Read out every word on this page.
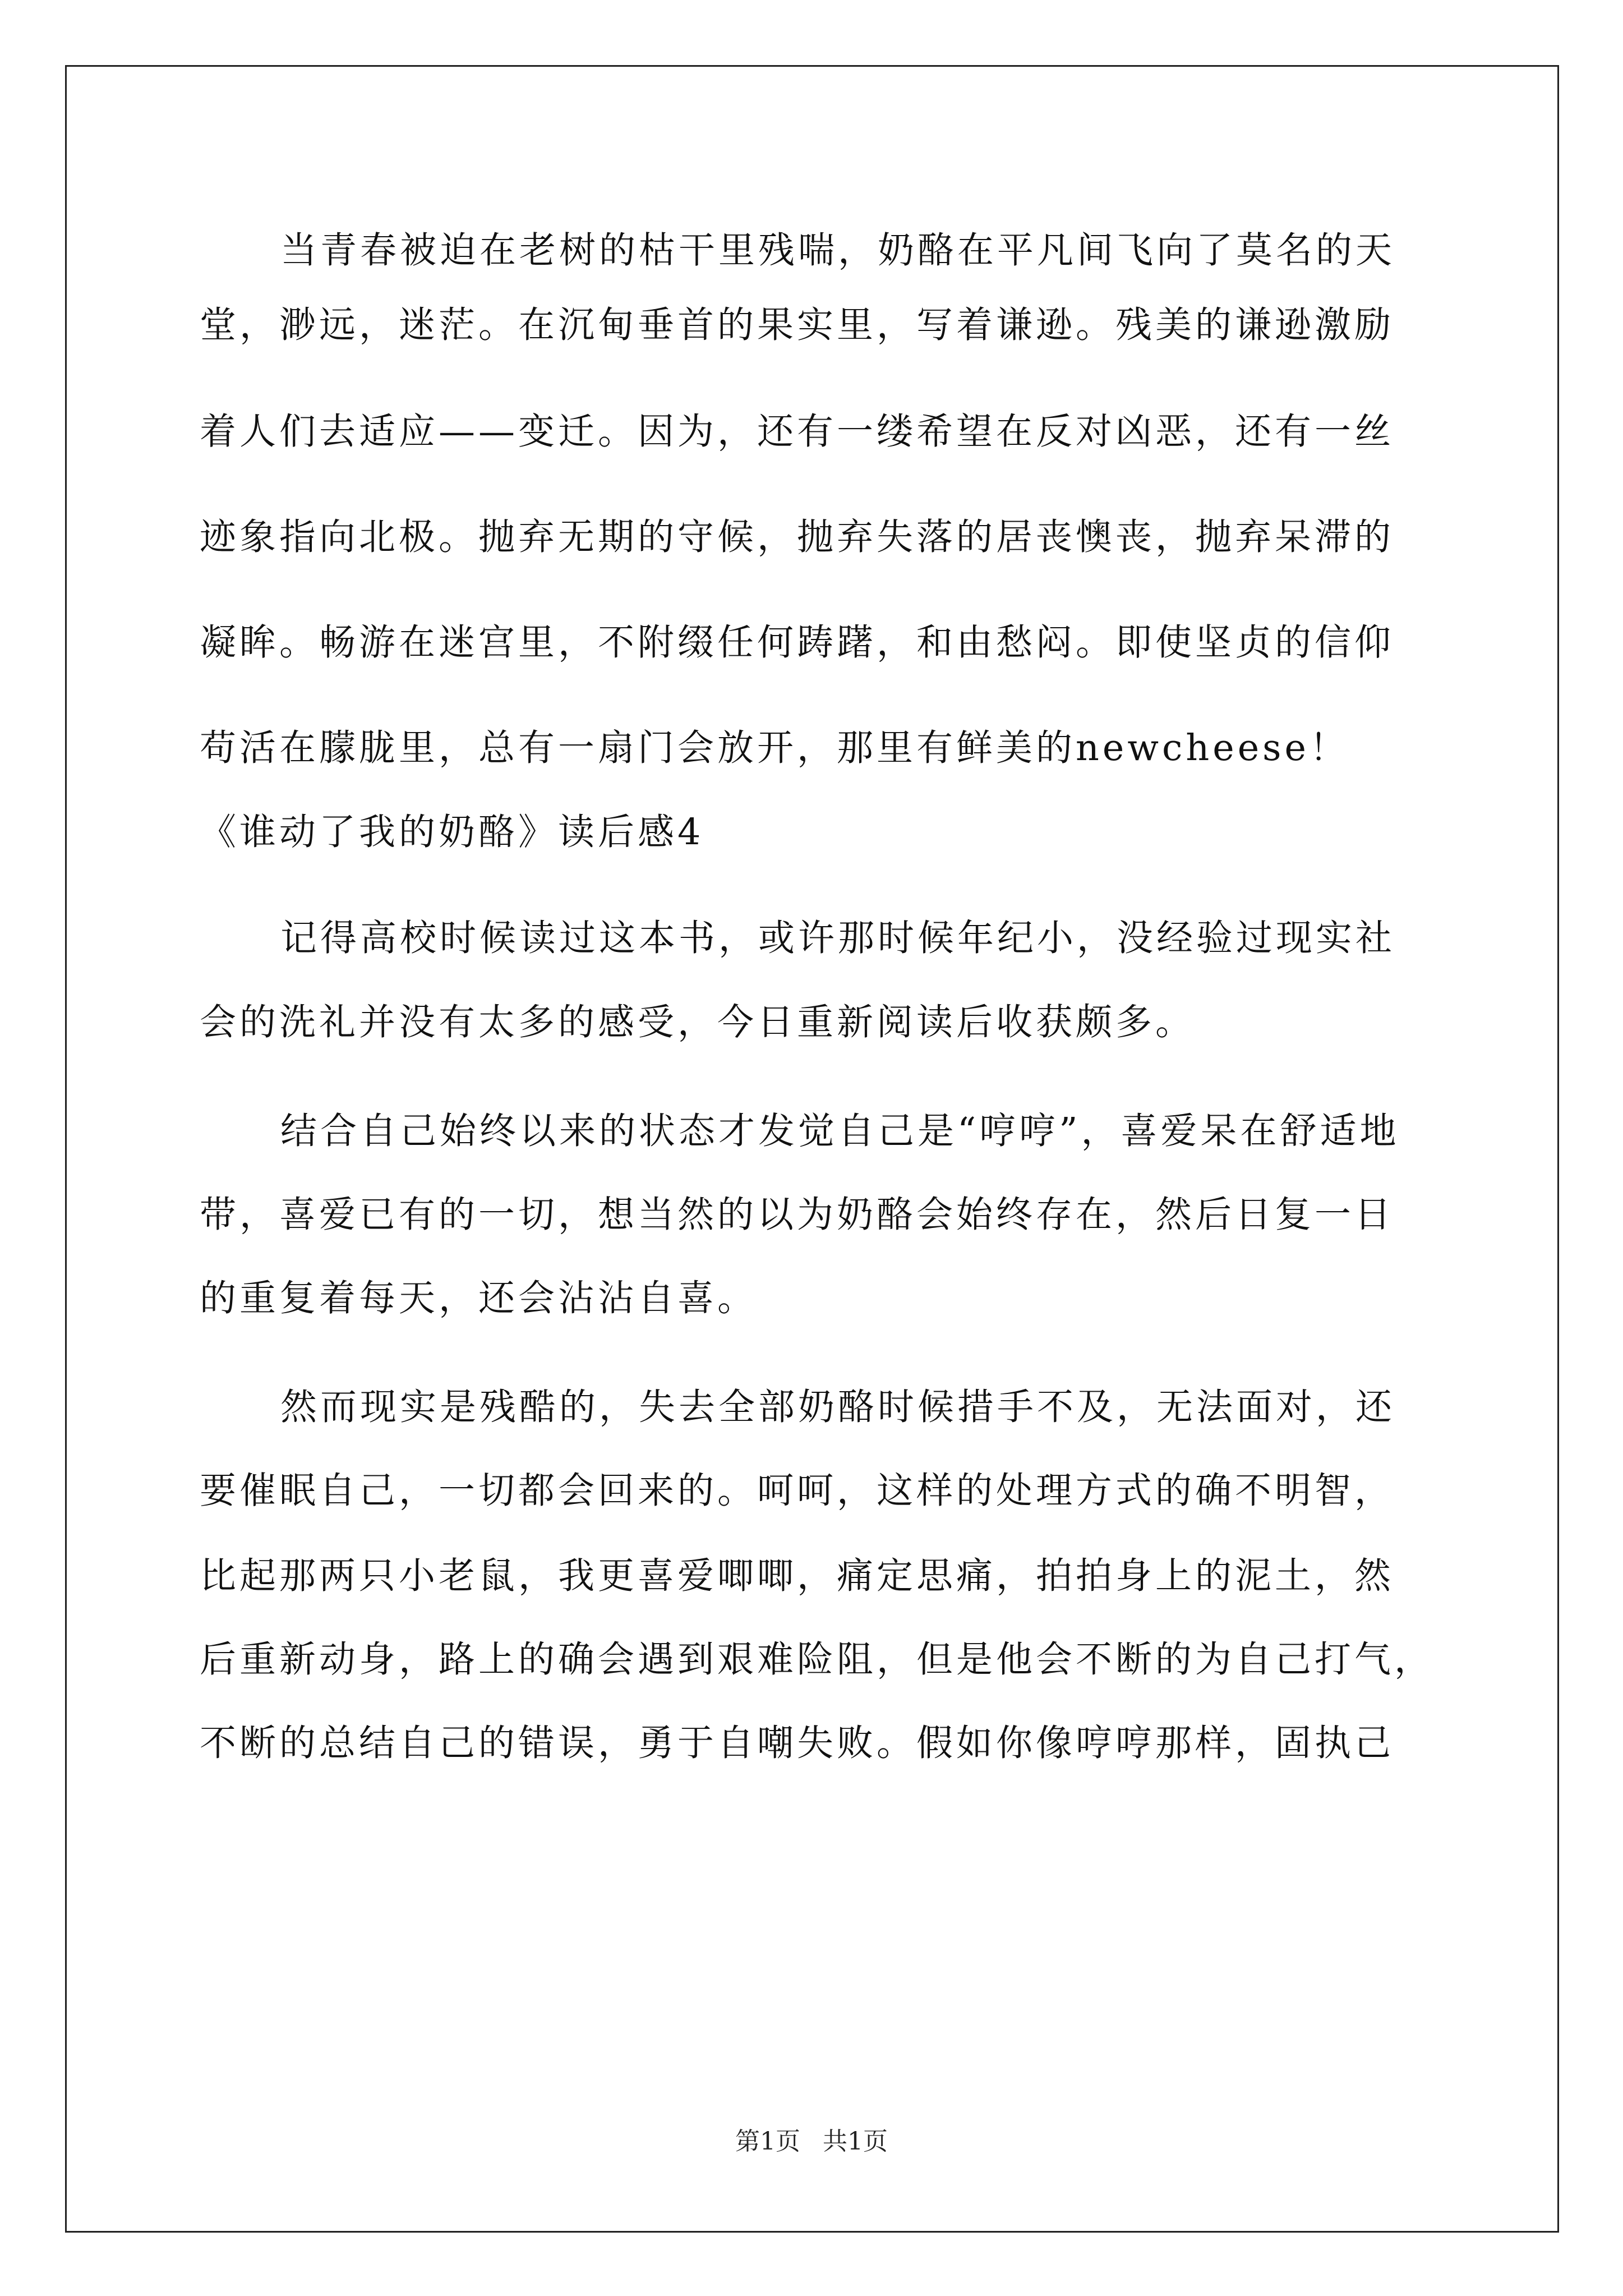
当青春被迫在老树的枯干里残喘，奶酪在平凡间飞向了莫名的天

堂，渺远，迷茫。在沉甸垂首的果实里，写着谦逊。残美的谦逊激励

着人们去适应——变迁。因为，还有一缕希望在反对凶恶，还有一丝

迹象指向北极。抛弃无期的守候，抛弃失落的居丧懊丧，抛弃呆滞的

凝眸。畅游在迷宫里，不附缀任何踌躇，和由愁闷。即使坚贞的信仰

苟活在朦胧里，总有一扇门会放开，那里有鲜美的newcheese！

《谁动了我的奶酪》读后感4

记得高校时候读过这本书，或许那时候年纪小，没经验过现实社

会的洗礼并没有太多的感受，今日重新阅读后收获颇多。

结合自己始终以来的状态才发觉自己是“哼哼”，喜爱呆在舒适地

带，喜爱已有的一切，想当然的以为奶酪会始终存在，然后日复一日

的重复着每天，还会沾沾自喜。

然而现实是残酷的，失去全部奶酪时候措手不及，无法面对，还

要催眠自己，一切都会回来的。呵呵，这样的处理方式的确不明智，

比起那两只小老鼠，我更喜爱唧唧，痛定思痛，拍拍身上的泥土，然

后重新动身，路上的确会遇到艰难险阻，但是他会不断的为自己打气，

不断的总结自己的错误，勇于自嘲失败。假如你像哼哼那样，固执己

第1页 共1页
